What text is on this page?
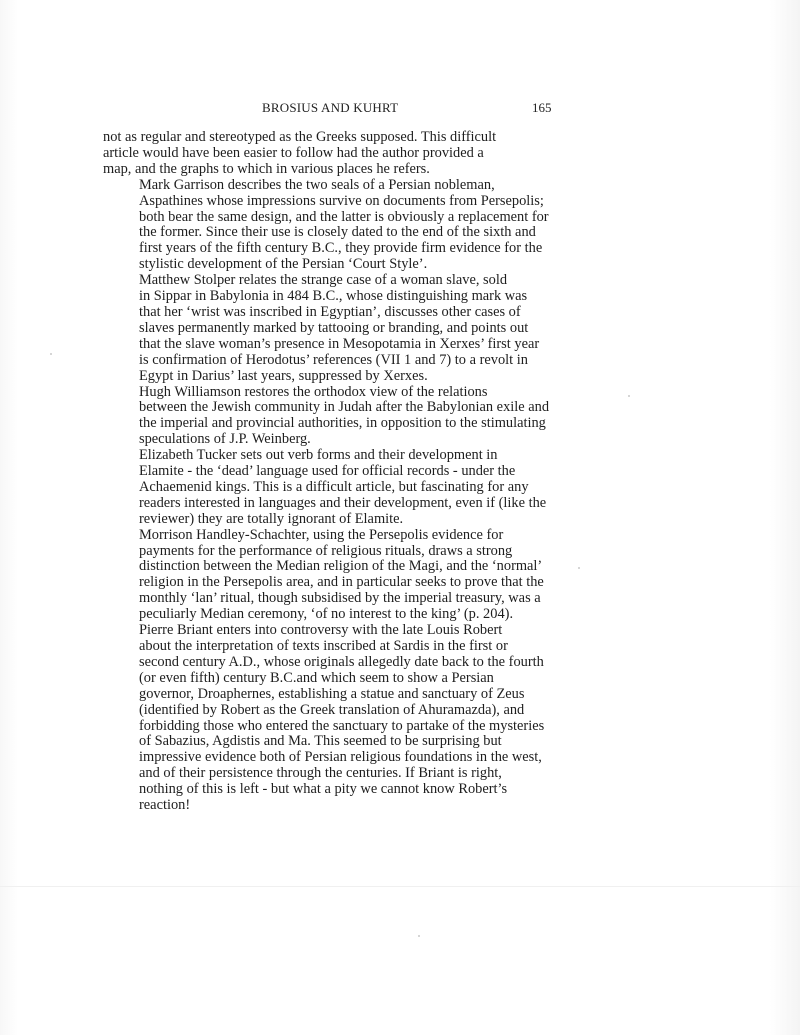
BROSIUS AND KUHRT	165

not as regular and stereotyped as the Greeks supposed. This difficult
article would have been easier to follow had the author provided a
map, and the graphs to which in various places he refers.

Mark Garrison describes the two seals of a Persian nobleman,
Aspathines whose impressions survive on documents from Persepolis;
both bear the same design, and the latter is obviously a replacement for
the former. Since their use is closely dated to the end of the sixth and
first years of the fifth century B.C., they provide firm evidence for the
stylistic development of the Persian ‘Court Style’.

Matthew Stolper relates the strange case of a woman slave, sold
in Sippar in Babylonia in 484 B.C., whose distinguishing mark was
that her ‘wrist was inscribed in Egyptian’, discusses other cases of
slaves permanently marked by tattooing or branding, and points out
that the slave woman’s presence in Mesopotamia in Xerxes’ first year
is confirmation of Herodotus’ references (VII 1 and 7) to a revolt in
Egypt in Darius’ last years, suppressed by Xerxes.

Hugh Williamson restores the orthodox view of the relations
between the Jewish community in Judah after the Babylonian exile and
the imperial and provincial authorities, in opposition to the stimulating
speculations of J.P. Weinberg.

Elizabeth Tucker sets out verb forms and their development in
Elamite - the ‘dead’ language used for official records - under the
Achaemenid kings. This is a difficult article, but fascinating for any
readers interested in languages and their development, even if (like the
reviewer) they are totally ignorant of Elamite.

Morrison Handley-Schachter, using the Persepolis evidence for
payments for the performance of religious rituals, draws a strong
distinction between the Median religion of the Magi, and the ‘normal’
religion in the Persepolis area, and in particular seeks to prove that the
monthly ‘lan’ ritual, though subsidised by the imperial treasury, was a
peculiarly Median ceremony, ‘of no interest to the king’ (p. 204).

Pierre Briant enters into controversy with the late Louis Robert
about the interpretation of texts inscribed at Sardis in the first or
second century A.D., whose originals allegedly date back to the fourth
(or even fifth) century B.C.and which seem to show a Persian
governor, Droaphernes, establishing a statue and sanctuary of Zeus
(identified by Robert as the Greek translation of Ahuramazda), and
forbidding those who entered the sanctuary to partake of the mysteries
of Sabazius, Agdistis and Ma. This seemed to be surprising but
impressive evidence both of Persian religious foundations in the west,
and of their persistence through the centuries. If Briant is right,
nothing of this is left - but what a pity we cannot know Robert’s
reaction!
